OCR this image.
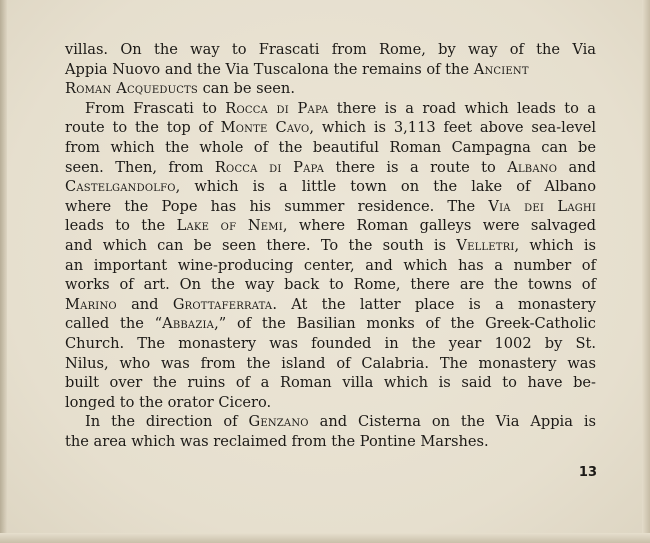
villas. On the way to Frascati from Rome, by way of the Via
Appia Nuovo and the Via Tuscalona the remains of the Ancient
Roman Acqueducts can be seen.
From Frascati to Rocca di Papa there is a road which leads to a
route to the top of Monte Cavo, which is 3,113 feet above sea-level
from which the whole of the beautiful Roman Campagna can be
seen. Then, from Rocca di Papa there is a route to Albano and
Castelgandolfo, which is a little town on the lake of Albano
where the Pope has his summer residence. The Via dei Laghi
leads to the Lake of Nemi, where Roman galleys were salvaged
and which can be seen there. To the south is Velletri, which is
an important wine-producing center, and which has a number of
works of art. On the way back to Rome, there are the towns of
Marino and Grottaferrata. At the latter place is a monastery
called the “Abbazia,” of the Basilian monks of the Greek-Catholic
Church. The monastery was founded in the year 1002 by St.
Nilus, who was from the island of Calabria. The monastery was
built over the ruins of a Roman villa which is said to have be-
longed to the orator Cicero.
In the direction of Genzano and Cisterna on the Via Appia is
the area which was reclaimed from the Pontine Marshes.
13
